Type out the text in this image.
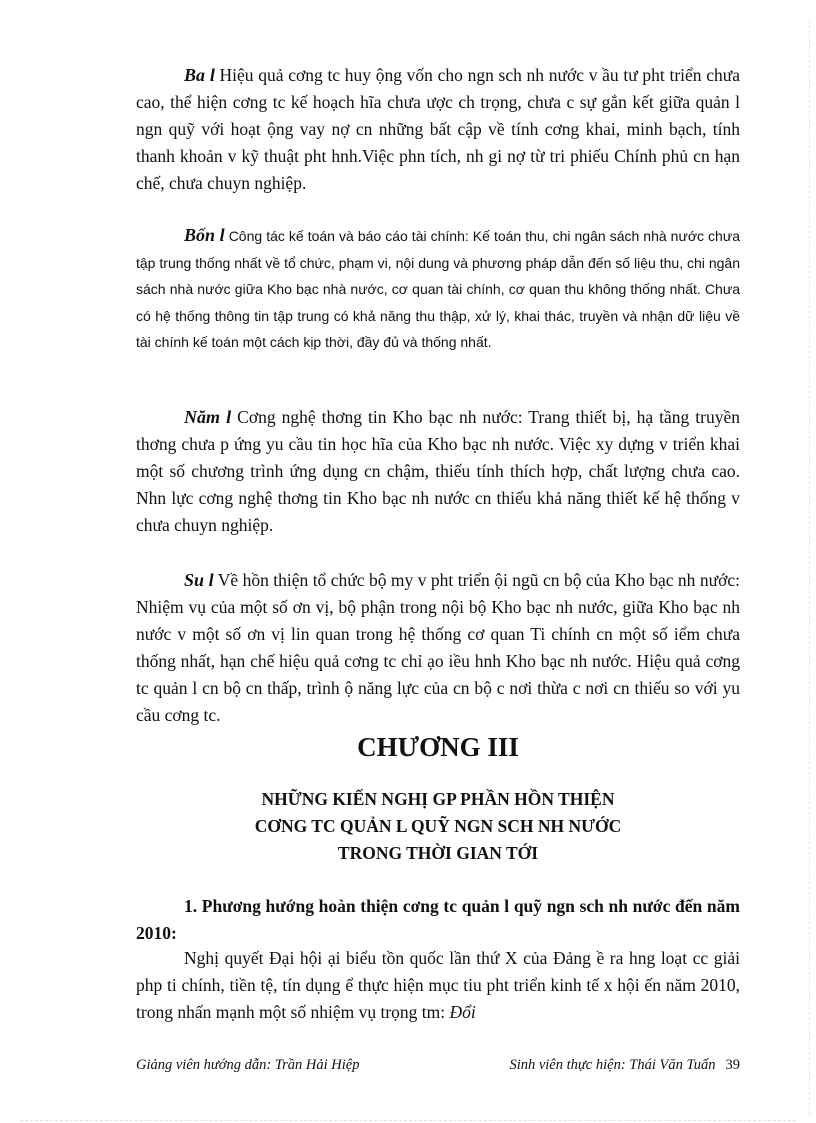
Ba l Hiệu quả cơng tc huy ộng vốn cho ngn sch nh nước v ầu tư pht triển chưa cao, thể hiện cơng tc kế hoạch hĩa chưa ược ch trọng, chưa c sự gắn kết giữa quản l ngn quỹ với hoạt ộng vay nợ cn những bất cập về tính cơng khai, minh bạch, tính thanh khoản v kỹ thuật pht hnh.Việc phn tích, nh gi nợ từ tri phiếu Chính phủ cn hạn chế, chưa chuyn nghiệp.

Bốn l Công tác kế toán và báo cáo tài chính: Kế toán thu, chi ngân sách nhà nước chưa tập trung thống nhất về tổ chức, phạm vi, nội dung và phương pháp dẫn đến số liệu thu, chi ngân sách nhà nước giữa Kho bạc nhà nước, cơ quan tài chính, cơ quan thu không thống nhất. Chưa có hệ thống thông tin tập trung có khả năng thu thập, xử lý, khai thác, truyền và nhận dữ liệu về tài chính kế toán một cách kịp thời, đầy đủ và thống nhất.

Năm l Cơng nghệ thơng tin Kho bạc nh nước: Trang thiết bị, hạ tầng truyền thơng chưa p ứng yu cầu tin học hĩa của Kho bạc nh nước. Việc xy dựng v triển khai một số chương trình ứng dụng cn chậm, thiếu tính thích hợp, chất lượng chưa cao. Nhn lực cơng nghệ thơng tin Kho bạc nh nước cn thiếu khả năng thiết kế hệ thống v chưa chuyn nghiệp.

Su l Về hồn thiện tổ chức bộ my v pht triển ội ngũ cn bộ của Kho bạc nh nước: Nhiệm vụ của một số ơn vị, bộ phận trong nội bộ Kho bạc nh nước, giữa Kho bạc nh nước v một số ơn vị lin quan trong hệ thống cơ quan Ti chính cn một số iểm chưa thống nhất, hạn chế hiệu quả cơng tc chỉ ạo iều hnh Kho bạc nh nước. Hiệu quả cơng tc quản l cn bộ cn thấp, trình ộ năng lực của cn bộ c nơi thừa c nơi cn thiếu so với yu cầu cơng tc.

CHƯƠNG III
NHỮNG KIẾN NGHỊ GP PHẦN HỒN THIỆN
CƠNG TC QUẢN L QUỸ NGN SCH NH NƯỚC
TRONG THỜI GIAN TỚI

1. Phương hướng hoàn thiện cơng tc quản l quỹ ngn sch nh nước đến năm 2010:

Nghị quyết Đại hội ại biểu tồn quốc lần thứ X của Đảng ề ra hng loạt cc giải php ti chính, tiền tệ, tín dụng ể thực hiện mục tiu pht triển kinh tế x hội ến năm 2010, trong nhấn mạnh một số nhiệm vụ trọng tm: Đổi

Giảng viên hướng dẫn: Trần Hải Hiệp	Sinh viên thực hiện: Thái Văn Tuấn 39
